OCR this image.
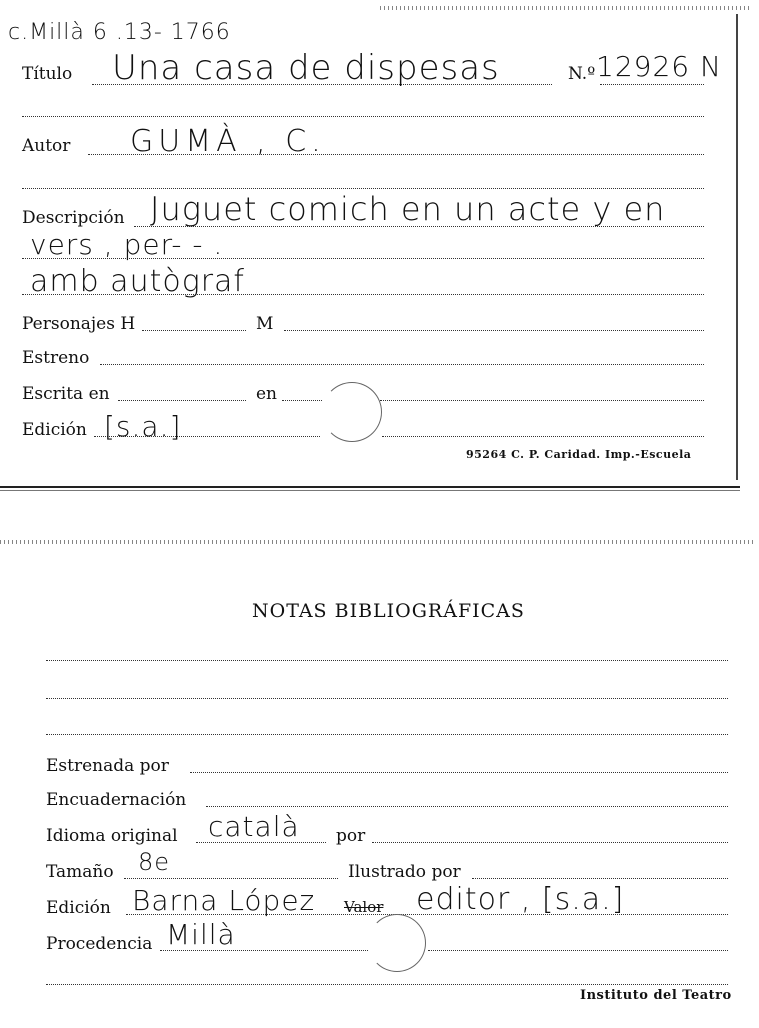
c.Millà 6 .13- 1766
Título Una casa de dispesas	N.º 12926 N
Autor GUMÀ , C.
Descripción Juguet comich en un acte y en
vers , per- - .
amb autògraf
Personajes H	M
Estreno
Escrita en	en
Edición [s.a.]
95264 C. P. Caridad. Imp.-Escuela
NOTAS BIBLIOGRÁFICAS
Estrenada por
Encuadernación
Idioma original català por
Tamaño 8e	Ilustrado por
Edición Barna López Valor editor , [s.a.]
Procedencia Millà
Instituto del Teatro
